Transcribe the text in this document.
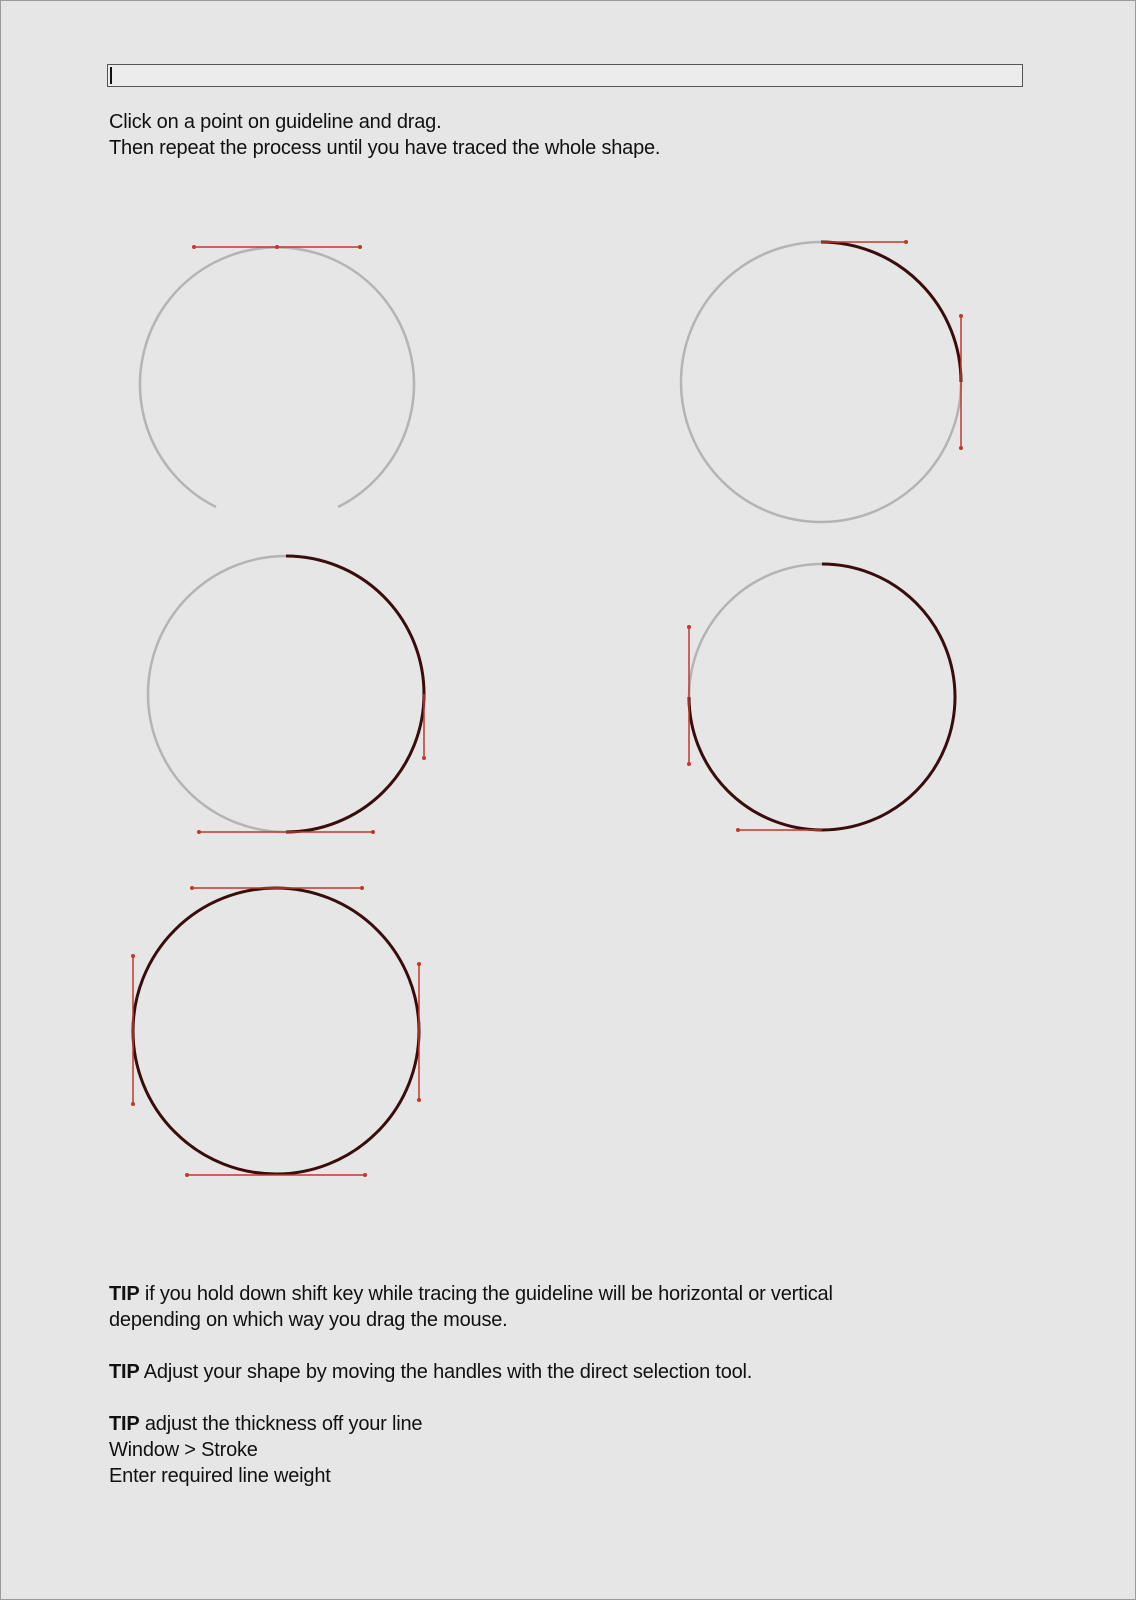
Click on a point on guideline and drag.
Then repeat the process until you have traced the whole shape.
TIP if you hold down shift key while tracing the guideline will be horizontal or vertical
depending on which way you drag the mouse.
TIP Adjust your shape by moving the handles with the direct selection tool.
TIP adjust the thickness off your line
Window > Stroke
Enter required line weight
